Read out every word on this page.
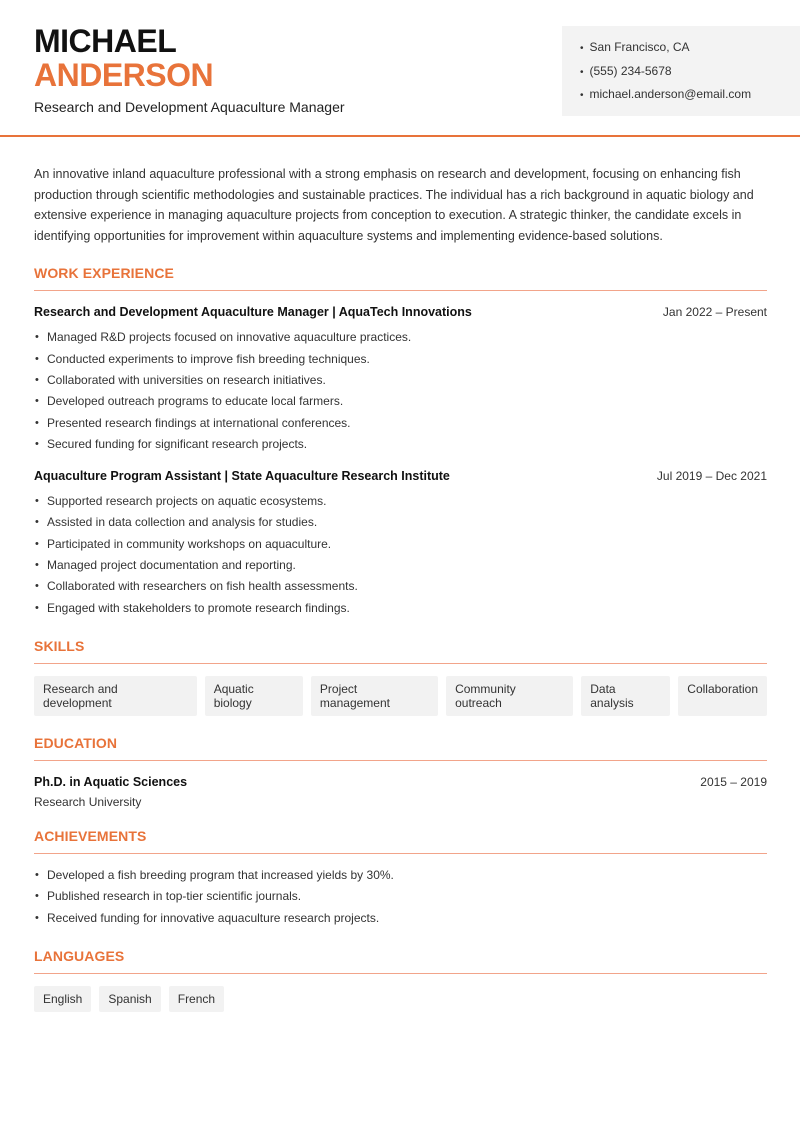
MICHAEL
ANDERSON
Research and Development Aquaculture Manager
• San Francisco, CA
• (555) 234-5678
• michael.anderson@email.com

An innovative inland aquaculture professional with a strong emphasis on research and development, focusing on enhancing fish production through scientific methodologies and sustainable practices. The individual has a rich background in aquatic biology and extensive experience in managing aquaculture projects from conception to execution. A strategic thinker, the candidate excels in identifying opportunities for improvement within aquaculture systems and implementing evidence-based solutions.

WORK EXPERIENCE
Research and Development Aquaculture Manager | AquaTech Innovations	Jan 2022 – Present
• Managed R&D projects focused on innovative aquaculture practices.
• Conducted experiments to improve fish breeding techniques.
• Collaborated with universities on research initiatives.
• Developed outreach programs to educate local farmers.
• Presented research findings at international conferences.
• Secured funding for significant research projects.
Aquaculture Program Assistant | State Aquaculture Research Institute	Jul 2019 – Dec 2021
• Supported research projects on aquatic ecosystems.
• Assisted in data collection and analysis for studies.
• Participated in community workshops on aquaculture.
• Managed project documentation and reporting.
• Collaborated with researchers on fish health assessments.
• Engaged with stakeholders to promote research findings.
SKILLS
Research and development
Aquatic biology
Project management
Community outreach
Data analysis
Collaboration
EDUCATION
Ph.D. in Aquatic Sciences	2015 – 2019
Research University
ACHIEVEMENTS
• Developed a fish breeding program that increased yields by 30%.
• Published research in top-tier scientific journals.
• Received funding for innovative aquaculture research projects.
LANGUAGES
English	Spanish	French
